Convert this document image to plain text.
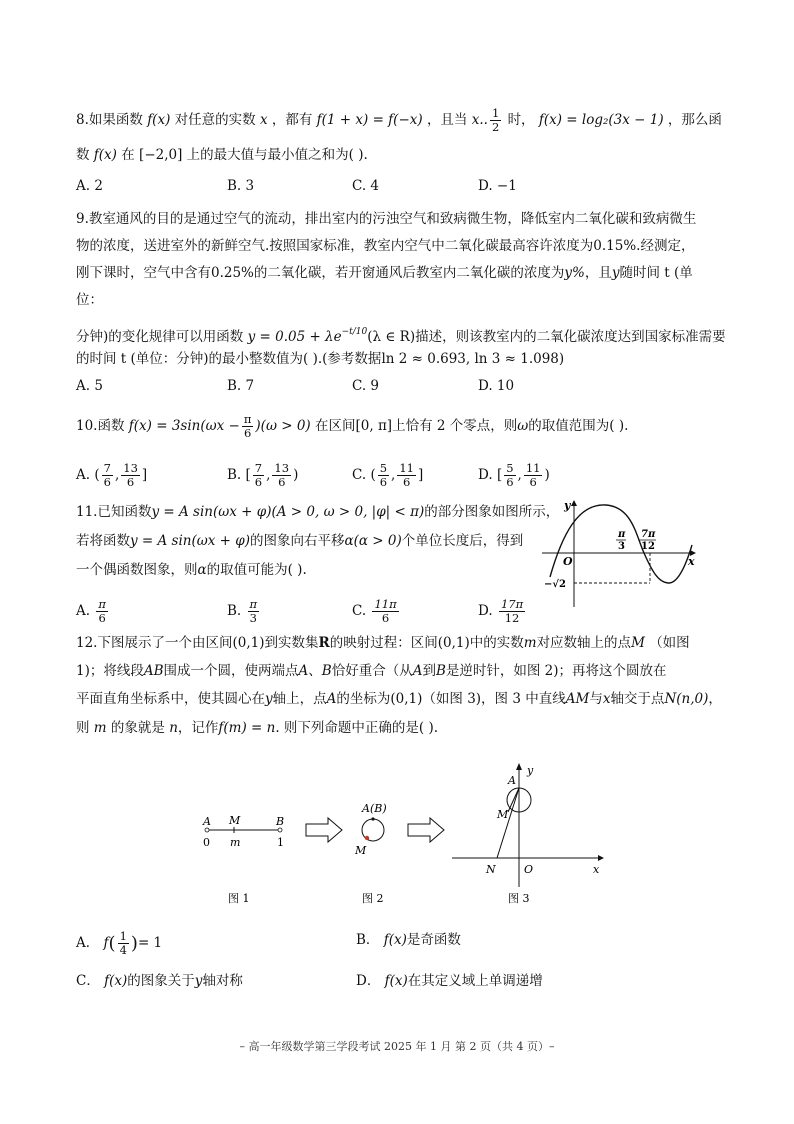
8.如果函数 f(x) 对任意的实数 x ，都有 f(1 + x) = f(−x) ，且当 x.. $\frac{1}{2}$ 时， f(x) = log₂(3x − 1) ，那么函
数 f(x) 在 [−2,0] 上的最大值与最小值之和为( ).
A. 2	B. 3	C. 4	D. −1
9.教室通风的目的是通过空气的流动，排出室内的污浊空气和致病微生物，降低室内二氧化碳和致病微生
物的浓度，送进室外的新鲜空气.按照国家标准，教室内空气中二氧化碳最高容许浓度为0.15%.经测定，
刚下课时，空气中含有0.25%的二氧化碳，若开窗通风后教室内二氧化碳的浓度为y%，且y随时间 t (单
位：
分钟)的变化规律可以用函数 $y = 0.05 + \lambda e^{-t/10}(\lambda$ ∈ R)描述，则该教室内的二氧化碳浓度达到国家标准需要
的时间 t (单位：分钟)的最小整数值为( ).(参考数据ln 2 ≈ 0.693, ln 3 ≈ 1.098)
A. 5	B. 7	C. 9	D. 10
10.函数 $f(x) = 3\sin(\omega x - \frac{\pi}{6} )(\omega > 0)$ 在区间[0, π]上恰有 2 个零点，则ω的取值范围为( ).
A. ( $\frac{7}{6}$ , $\frac{13}{6}$ ]	B. [ $\frac{7}{6}$ , $\frac{13}{6}$ )	C. ( $\frac{5}{6}$ , $\frac{11}{6}$ ]	D. [ $\frac{5}{6}$ , $\frac{11}{6}$ )
11.已知函数y = A sin(ωx + φ)(A > 0, ω > 0, |φ| < π)的部分图象如图所示，
若将函数y = A sin(ωx + φ)的图象向右平移α(α > 0)个单位长度后，得到
一个偶函数图象，则α的取值可能为( ).
A. $\frac{\pi}{6}$	B. $\frac{\pi}{3}$	C. $\frac{11\pi}{6}$	D. $\frac{17\pi}{12}$
y
x
O
π
3
7π
12
−√2
12.下图展示了一个由区间(0,1)到实数集R的映射过程：区间(0,1)中的实数m对应数轴上的点M （如图
1)；将线段AB围成一个圆，使两端点A、B恰好重合（从A到B是逆时针，如图 2)；再将这个圆放在
平面直角坐标系中，使其圆心在y轴上，点A的坐标为(0,1)（如图 3)，图 3 中直线AM与x轴交于点N(n,0)，
则 m 的象就是 n，记作f(m) = n. 则下列命题中正确的是( ).
A M	B
0 m	1
图 1
A(B)
M
图 2
A
y
M
N	O	x
图 3
A． $f( \frac{1}{4}$ )= 1	B． f(x)是奇函数
C． f(x)的图象关于y轴对称	D． f(x)在其定义域上单调递增
– 高一年级数学第三学段考试 2025 年 1 月 第 2 页（共 4 页）–
